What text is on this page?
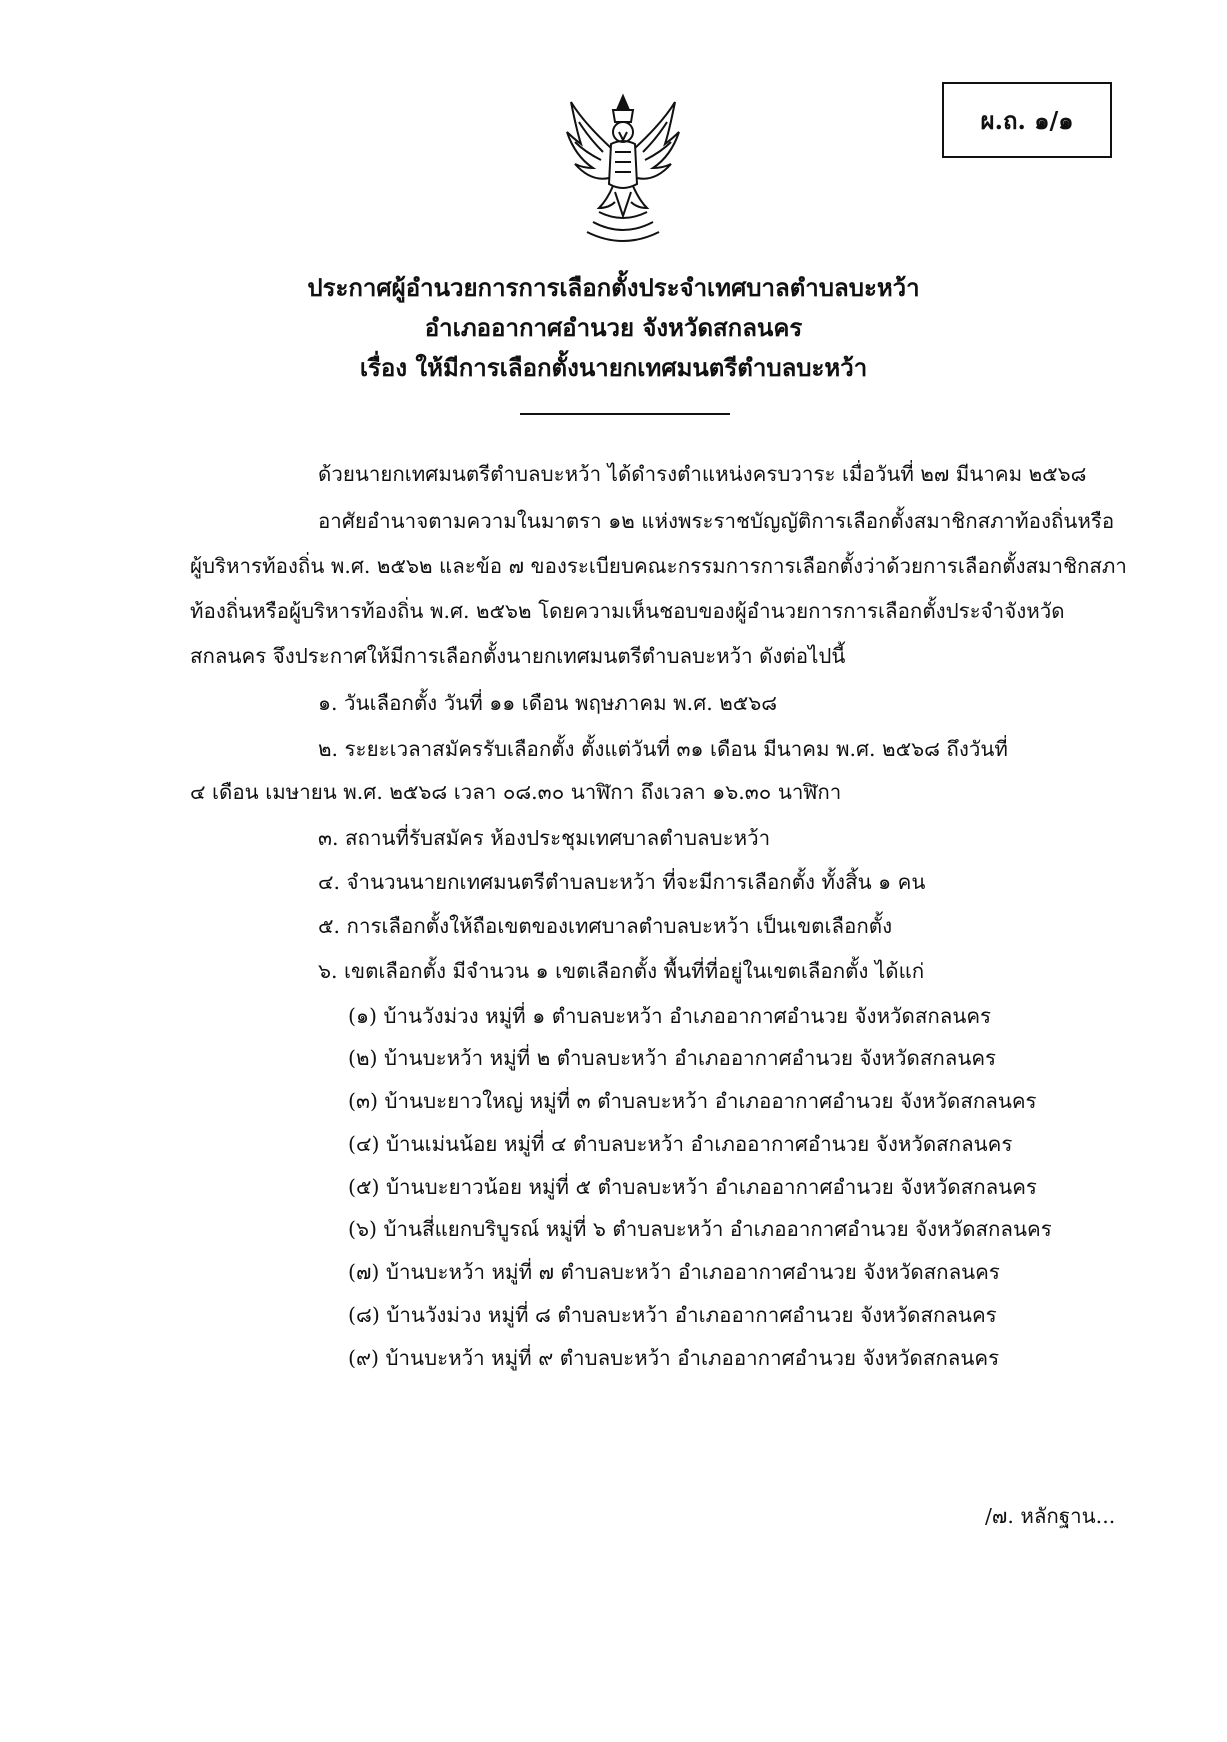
ผ.ถ. ๑/๑
ประกาศผู้อำนวยการการเลือกตั้งประจำเทศบาลตำบลบะหว้า
อำเภออากาศอำนวย จังหวัดสกลนคร
เรื่อง ให้มีการเลือกตั้งนายกเทศมนตรีตำบลบะหว้า
ด้วยนายกเทศมนตรีตำบลบะหว้า ได้ดำรงตำแหน่งครบวาระ เมื่อวันที่ ๒๗ มีนาคม ๒๕๖๘
อาศัยอำนาจตามความในมาตรา ๑๒ แห่งพระราชบัญญัติการเลือกตั้งสมาชิกสภาท้องถิ่นหรือ
ผู้บริหารท้องถิ่น พ.ศ. ๒๕๖๒ และข้อ ๗ ของระเบียบคณะกรรมการการเลือกตั้งว่าด้วยการเลือกตั้งสมาชิกสภา
ท้องถิ่นหรือผู้บริหารท้องถิ่น พ.ศ. ๒๕๖๒ โดยความเห็นชอบของผู้อำนวยการการเลือกตั้งประจำจังหวัด
สกลนคร จึงประกาศให้มีการเลือกตั้งนายกเทศมนตรีตำบลบะหว้า ดังต่อไปนี้
๑. วันเลือกตั้ง วันที่ ๑๑ เดือน พฤษภาคม พ.ศ. ๒๕๖๘
๒. ระยะเวลาสมัครรับเลือกตั้ง ตั้งแต่วันที่ ๓๑ เดือน มีนาคม พ.ศ. ๒๕๖๘ ถึงวันที่
๔ เดือน เมษายน พ.ศ. ๒๕๖๘ เวลา ๐๘.๓๐ นาฬิกา ถึงเวลา ๑๖.๓๐ นาฬิกา
๓. สถานที่รับสมัคร ห้องประชุมเทศบาลตำบลบะหว้า
๔. จำนวนนายกเทศมนตรีตำบลบะหว้า ที่จะมีการเลือกตั้ง ทั้งสิ้น ๑ คน
๕. การเลือกตั้งให้ถือเขตของเทศบาลตำบลบะหว้า เป็นเขตเลือกตั้ง
๖. เขตเลือกตั้ง มีจำนวน ๑ เขตเลือกตั้ง พื้นที่ที่อยู่ในเขตเลือกตั้ง ได้แก่
(๑) บ้านวังม่วง หมู่ที่ ๑ ตำบลบะหว้า อำเภออากาศอำนวย จังหวัดสกลนคร
(๒) บ้านบะหว้า หมู่ที่ ๒ ตำบลบะหว้า อำเภออากาศอำนวย จังหวัดสกลนคร
(๓) บ้านบะยาวใหญ่ หมู่ที่ ๓ ตำบลบะหว้า อำเภออากาศอำนวย จังหวัดสกลนคร
(๔) บ้านเม่นน้อย หมู่ที่ ๔ ตำบลบะหว้า อำเภออากาศอำนวย จังหวัดสกลนคร
(๕) บ้านบะยาวน้อย หมู่ที่ ๕ ตำบลบะหว้า อำเภออากาศอำนวย จังหวัดสกลนคร
(๖) บ้านสี่แยกบริบูรณ์ หมู่ที่ ๖ ตำบลบะหว้า อำเภออากาศอำนวย จังหวัดสกลนคร
(๗) บ้านบะหว้า หมู่ที่ ๗ ตำบลบะหว้า อำเภออากาศอำนวย จังหวัดสกลนคร
(๘) บ้านวังม่วง หมู่ที่ ๘ ตำบลบะหว้า อำเภออากาศอำนวย จังหวัดสกลนคร
(๙) บ้านบะหว้า หมู่ที่ ๙ ตำบลบะหว้า อำเภออากาศอำนวย จังหวัดสกลนคร
/๗. หลักฐาน...
